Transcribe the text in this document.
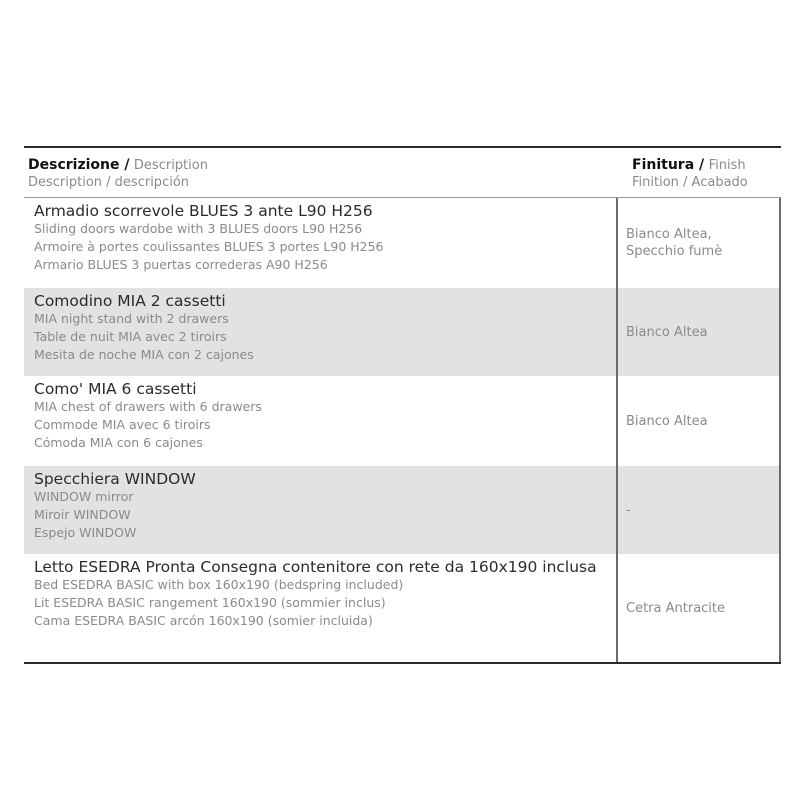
Descrizione / Description
Description / descripción
Finitura / Finish
Finition / Acabado
Armadio scorrevole BLUES 3 ante L90 H256
Sliding doors wardobe with 3 BLUES doors L90 H256
Armoire à portes coulissantes BLUES 3 portes L90 H256
Armario BLUES 3 puertas correderas A90 H256
Bianco Altea,
Specchio fumè
Comodino MIA 2 cassetti
MIA night stand with 2 drawers
Table de nuit MIA avec 2 tiroirs
Mesita de noche MIA con 2 cajones
Bianco Altea
Como' MIA 6 cassetti
MIA chest of drawers with 6 drawers
Commode MIA avec 6 tiroirs
Cómoda MIA con 6 cajones
Bianco Altea
Specchiera WINDOW
WINDOW mirror
Miroir WINDOW
Espejo WINDOW
-
Letto ESEDRA Pronta Consegna contenitore con rete da 160x190 inclusa
Bed ESEDRA BASIC with box 160x190 (bedspring included)
Lit ESEDRA BASIC rangement 160x190 (sommier inclus)
Cama ESEDRA BASIC arcón 160x190 (somier incluida)
Cetra Antracite
